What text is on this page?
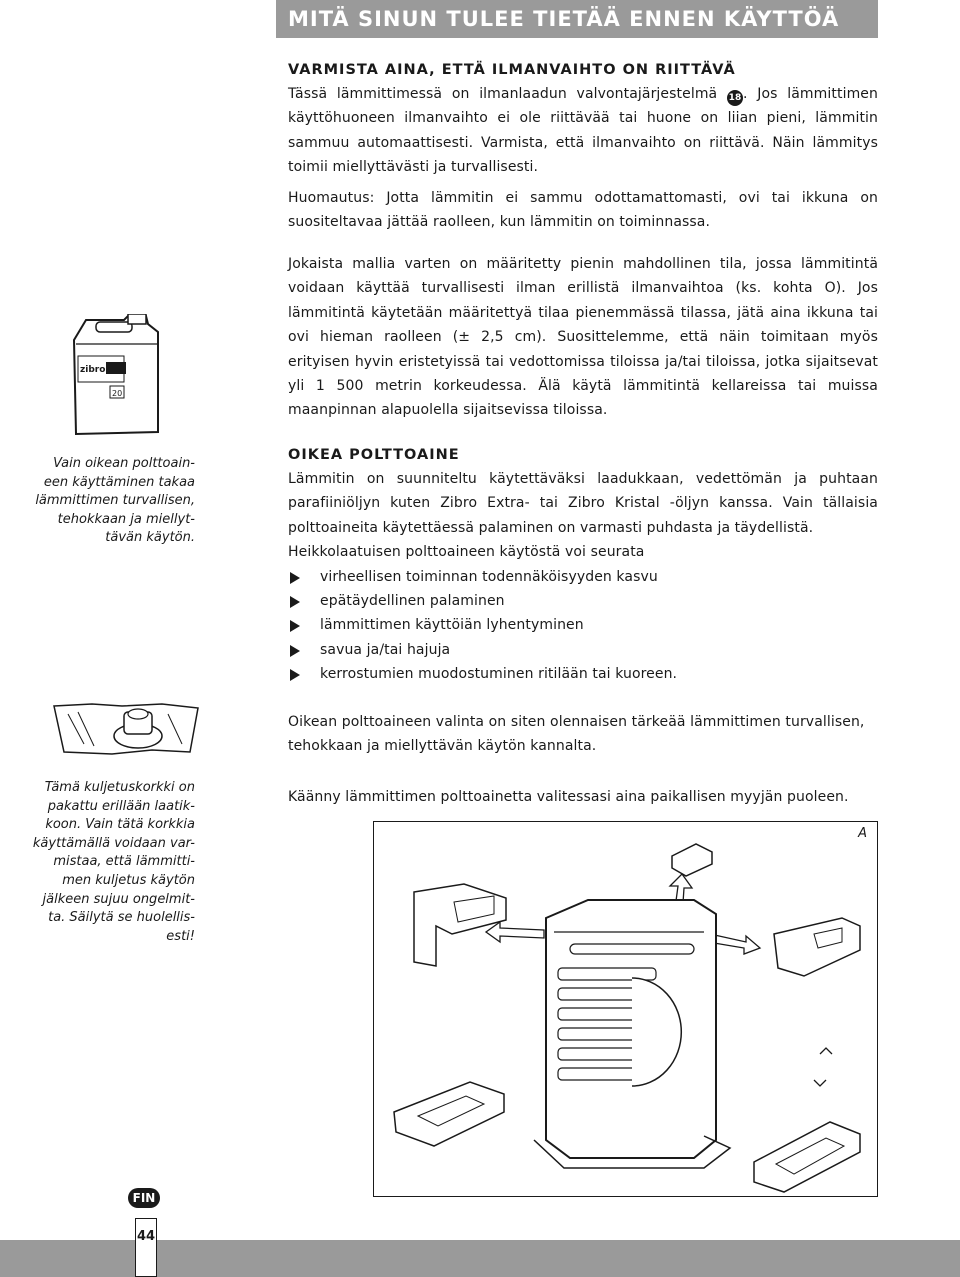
MITÄ SINUN TULEE TIETÄÄ ENNEN KÄYTTÖÄ
VARMISTA AINA, ETTÄ ILMANVAIHTO ON RIITTÄVÄ

Tässä lämmittimessä on ilmanlaadun valvontajärjestelmä 18 . Jos lämmittimen käyttöhuoneen ilmanvaihto ei ole riittävää tai huone on liian pieni, lämmitin sammuu automaattisesti. Varmista, että ilmanvaihto on riittävä. Näin lämmitys toimii miellyttävästi ja turvallisesti.

Huomautus: Jotta lämmitin ei sammu odottamattomasti, ovi tai ikkuna on suositeltavaa jättää raolleen, kun lämmitin on toiminnassa.

Jokaista mallia varten on määritetty pienin mahdollinen tila, jossa lämmitintä voidaan käyttää turvallisesti ilman erillistä ilmanvaihtoa (ks. kohta O). Jos lämmitintä käytetään määritettyä tilaa pienemmässä tilassa, jätä aina ikkuna tai ovi hieman raolleen (± 2,5 cm). Suosittelemme, että näin toimitaan myös erityisen hyvin eristetyissä tai vedottomissa tiloissa ja/tai tiloissa, jotka sijaitsevat yli 1 500 metrin korkeudessa. Älä käytä lämmitintä kellareissa tai muissa maanpinnan alapuolella sijaitsevissa tiloissa.
OIKEA POLTTOAINE

Lämmitin on suunniteltu käytettäväksi laadukkaan, vedettömän ja puhtaan parafiiniöljyn kuten Zibro Extra- tai Zibro Kristal -öljyn kanssa. Vain tällaisia polttoaineita käytettäessä palaminen on varmasti puhdasta ja täydellistä.

Heikkolaatuisen polttoaineen käytöstä voi seurata

virheellisen toiminnan todennäköisyyden kasvu
epätäydellinen palaminen
lämmittimen käyttöiän lyhentyminen
savua ja/tai hajuja
kerrostumien muodostuminen ritilään tai kuoreen.
Oikean polttoaineen valinta on siten olennaisen tärkeää lämmittimen turvallisen, tehokkaan ja miellyttävän käytön kannalta.
Käänny lämmittimen polttoainetta valitessasi aina paikallisen myyjän puoleen.
zibro
20
Vain oikean polttoain-
een käyttäminen takaa
lämmittimen turvallisen,
tehokkaan ja miellyt-
tävän käytön.
Tämä kuljetuskorkki on
pakattu erillään laatik-
koon. Vain tätä korkkia
käyttämällä voidaan var-
mistaa, että lämmitti-
men kuljetus käytön
jälkeen sujuu ongelmit-
ta. Säilytä se huolellis-
esti!
A
FIN
44
